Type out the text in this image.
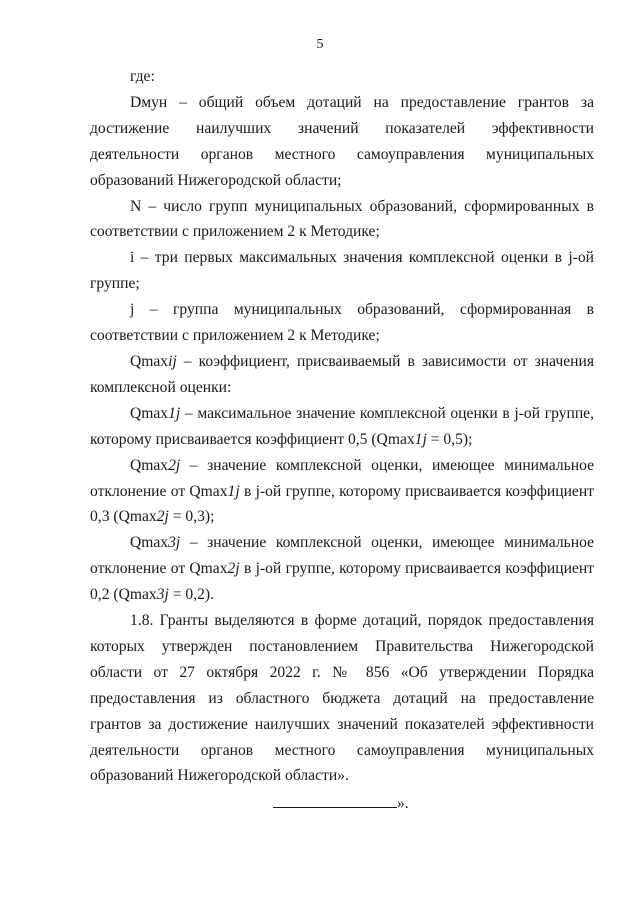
5

где:

Dмун – общий объем дотаций на предоставление грантов за достижение наилучших значений показателей эффективности деятельности органов местного самоуправления муниципальных образований Нижегородской области;

N – число групп муниципальных образований, сформированных в соответствии с приложением 2 к Методике;

i – три первых максимальных значения комплексной оценки в j-ой группе;

j – группа муниципальных образований, сформированная в соответствии с приложением 2 к Методике;

Qmaxij – коэффициент, присваиваемый в зависимости от значения комплексной оценки:

Qmax1j – максимальное значение комплексной оценки в j-ой группе, которому присваивается коэффициент 0,5 (Qmax1j = 0,5);

Qmax2j – значение комплексной оценки, имеющее минимальное отклонение от Qmax1j в j-ой группе, которому присваивается коэффициент 0,3 (Qmax2j = 0,3);

Qmax3j – значение комплексной оценки, имеющее минимальное отклонение от Qmax2j в j-ой группе, которому присваивается коэффициент 0,2 (Qmax3j = 0,2).

1.8. Гранты выделяются в форме дотаций, порядок предоставления которых утвержден постановлением Правительства Нижегородской области от 27 октября 2022 г. № 856 «Об утверждении Порядка предоставления из областного бюджета дотаций на предоставление грантов за достижение наилучших значений показателей эффективности деятельности органов местного самоуправления муниципальных образований Нижегородской области».

».
